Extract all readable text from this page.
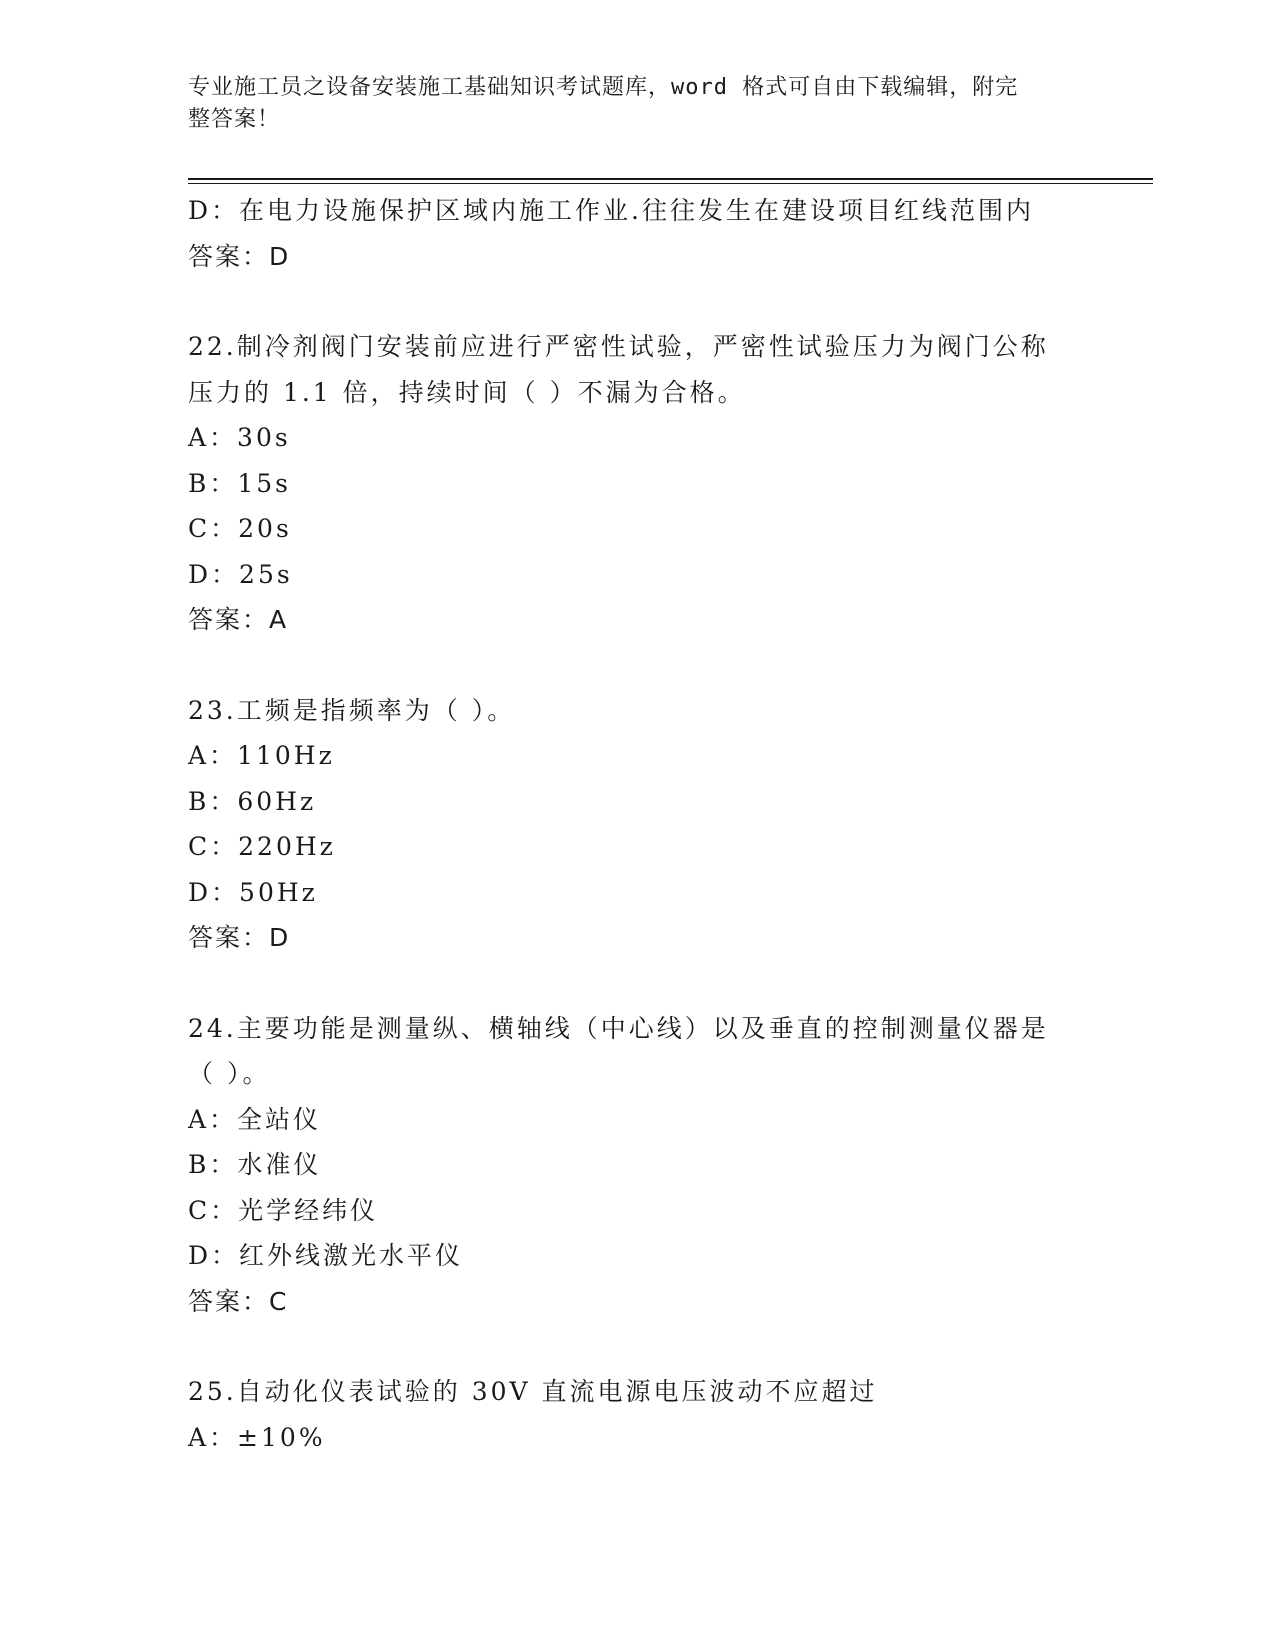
专业施工员之设备安装施工基础知识考试题库，word 格式可自由下载编辑，附完
整答案！
D：在电力设施保护区域内施工作业.往往发生在建设项目红线范围内
答案：D
22.制冷剂阀门安装前应进行严密性试验，严密性试验压力为阀门公称
压力的 1.1 倍，持续时间（ ）不漏为合格。
A：30s
B：15s
C：20s
D：25s
答案：A
23.工频是指频率为（ ）。
A：110Hz
B：60Hz
C：220Hz
D：50Hz
答案：D
24.主要功能是测量纵、横轴线（中心线）以及垂直的控制测量仪器是
（ ）。
A：全站仪
B：水准仪
C：光学经纬仪
D：红外线激光水平仪
答案：C
25.自动化仪表试验的 30V 直流电源电压波动不应超过
A：±10%
